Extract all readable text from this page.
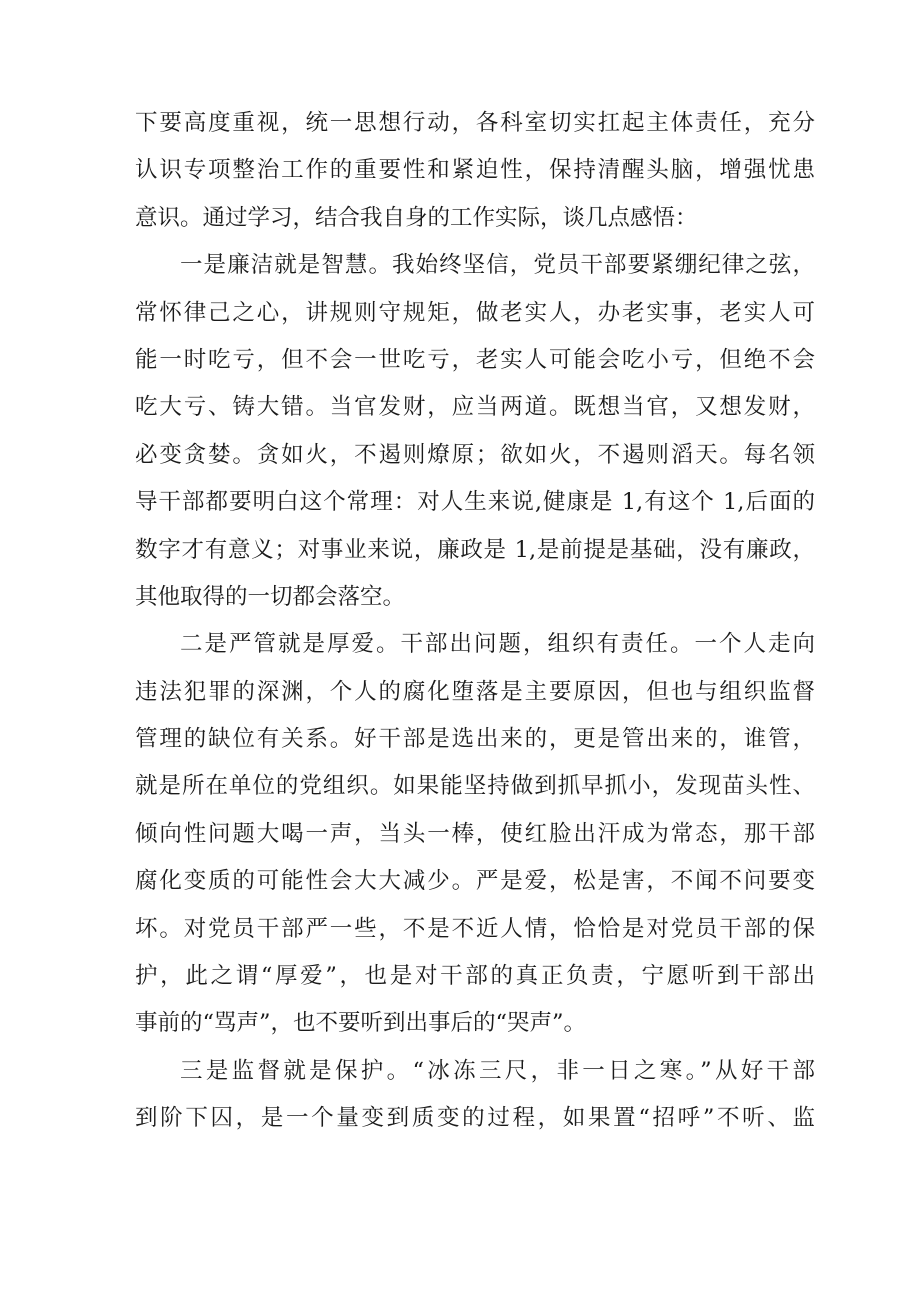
下要高度重视，统一思想行动，各科室切实扛起主体责任，充分
认识专项整治工作的重要性和紧迫性，保持清醒头脑，增强忧患
意识。通过学习，结合我自身的工作实际，谈几点感悟：
一是廉洁就是智慧。我始终坚信，党员干部要紧绷纪律之弦，
常怀律己之心，讲规则守规矩，做老实人，办老实事，老实人可
能一时吃亏，但不会一世吃亏，老实人可能会吃小亏，但绝不会
吃大亏、铸大错。当官发财，应当两道。既想当官，又想发财，
必变贪婪。贪如火，不遏则燎原；欲如火，不遏则滔天。每名领
导干部都要明白这个常理：对人生来说,健康是 1,有这个 1,后面的
数字才有意义；对事业来说，廉政是 1,是前提是基础，没有廉政，
其他取得的一切都会落空。
二是严管就是厚爱。干部出问题，组织有责任。一个人走向
违法犯罪的深渊，个人的腐化堕落是主要原因，但也与组织监督
管理的缺位有关系。好干部是选出来的，更是管出来的，谁管，
就是所在单位的党组织。如果能坚持做到抓早抓小，发现苗头性、
倾向性问题大喝一声，当头一棒，使红脸出汗成为常态，那干部
腐化变质的可能性会大大减少。严是爱，松是害，不闻不问要变
坏。对党员干部严一些，不是不近人情，恰恰是对党员干部的保
护，此之谓“厚爱”，也是对干部的真正负责，宁愿听到干部出
事前的“骂声”，也不要听到出事后的“哭声”。
三是监督就是保护。“冰冻三尺，非一日之寒。”从好干部
到阶下囚，是一个量变到质变的过程，如果置“招呼”不听、监
